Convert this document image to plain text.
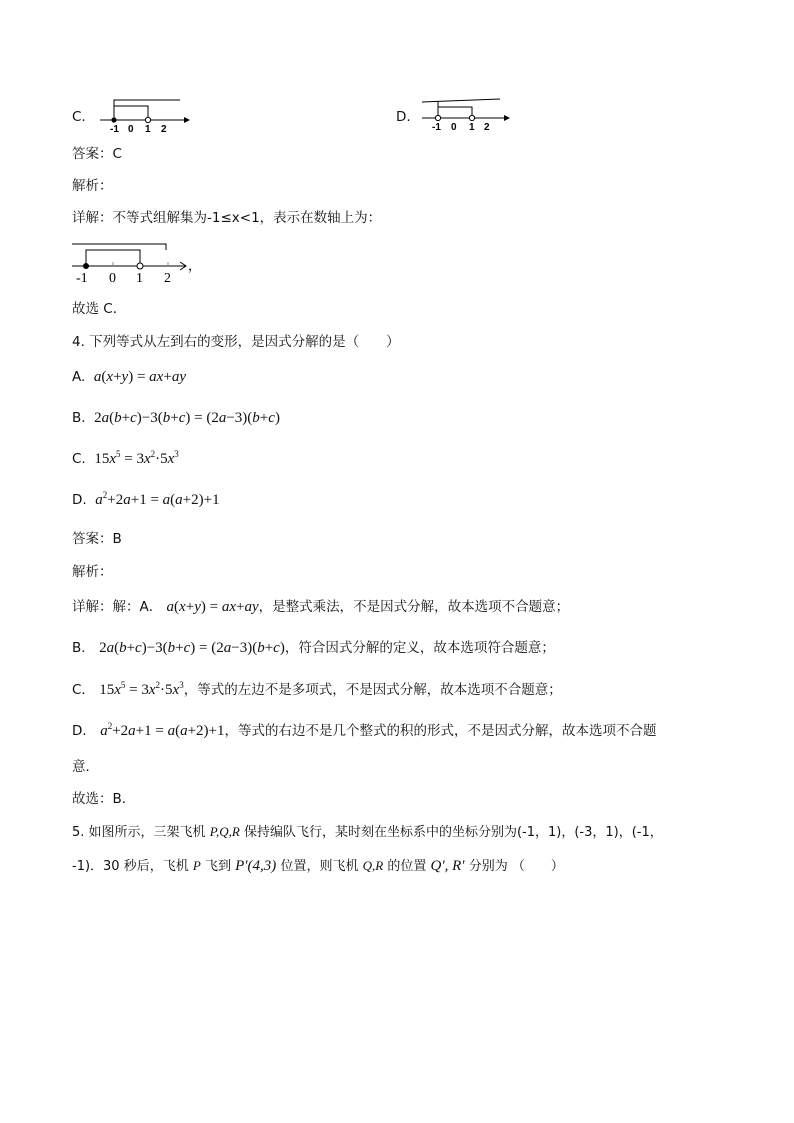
C.
-1 0 1 2
D.
-1 0 1 2
答案：C
解析：
详解：不等式组解集为-1≤x<1，表示在数轴上为：
-1 0 1 2
，
故选 C．
4. 下列等式从左到右的变形，是因式分解的是（　　）
A. a(x+y) = ax+ay
B. 2a(b+c)−3(b+c) = (2a−3)(b+c)
C. $15x^5 = 3x^2\cdot 5x^3$
D. $a^2+2a+1 = a(a+2)+1$
答案：B
解析：
详解：解：A． a(x+y) = ax+ay，是整式乘法，不是因式分解，故本选项不合题意；
B． 2a(b+c)−3(b+c) = (2a−3)(b+c)，符合因式分解的定义，故本选项符合题意；
C． $15x^5 = 3x^2\cdot 5x^3$，等式的左边不是多项式，不是因式分解，故本选项不合题意；
D． $a^2+2a+1 = a(a+2)+1$，等式的右边不是几个整式的积的形式，不是因式分解，故本选项不合题
意．
故选：B．
5. 如图所示，三架飞机 P,Q,R 保持编队飞行，某时刻在坐标系中的坐标分别为(-1，1)，(-3，1)，(-1，
-1)．30 秒后，飞机 P 飞到 P′(4,3) 位置，则飞机 Q,R 的位置 Q′, R′ 分别为 （　　）
